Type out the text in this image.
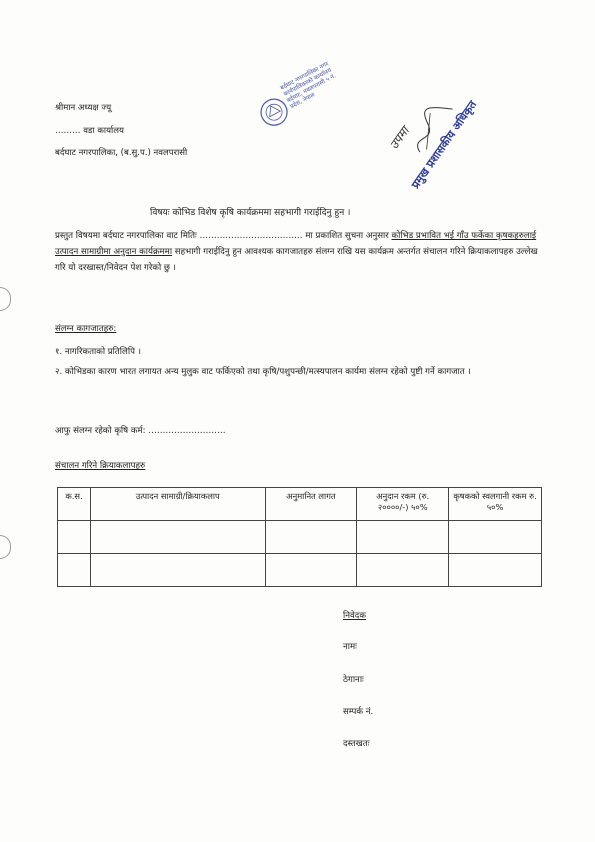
श्रीमान अध्यक्ष ज्यू
……… वडा कार्यालय
बर्दघाट नगरपालिका, (ब.सु.प.) नवलपरासी
बर्दघाट नगरपालिका नगर कार्यपालिकाको कार्यालय बर्दघाट, नवलपरासी ५ नं. प्रदेश, नेपाल	प्रमुख प्रशासकीय अधिकृत
उपमा
विषयः कोभिड विशेष कृषि कार्यक्रममा सहभागी गराईदिनु हुन ।
प्रस्तुत विषयमा बर्दघाट नगरपालिका वाट मितिः ……………………………… मा प्रकाशित सुचना अनुसार कोभिड प्रभावित भई गाँउ फर्केका कृषकहरुलाई उत्पादन सामाग्रीमा अनुदान कार्यक्रममा सहभागी गराईदिनु हुन आवश्यक कागजातहरु संलग्न राखि यस कार्यक्रम अन्तर्गत संचालन गरिने क्रियाकलापहरु उल्लेख गरि यो दरखास्त/निवेदन पेश गरेको छु ।
संलग्न कागजातहरु:
१. नागरिकताको प्रतिलिपि ।
२. कोभिडका कारण भारत लगायत अन्य मुलुक वाट फर्किएको तथा कृषि/पशुपन्छी/मत्स्यपालन कार्यमा संलग्न रहेको पुष्टी गर्ने कागजात ।
आफु संलग्न रहेको कृषि कर्म: ………………………
संचालन गरिने क्रियाकलापहरु
क.स.	उत्पादन सामाग्री/क्रियाकलाप	अनुमानित लागत	अनुदान रकम (रु. २००००/-) ५०%	कृषकको स्वलगानी रकम रु. ५०%

निवेदक
नामः
ठेगानाः
सम्पर्क नं.
दस्तखतः
